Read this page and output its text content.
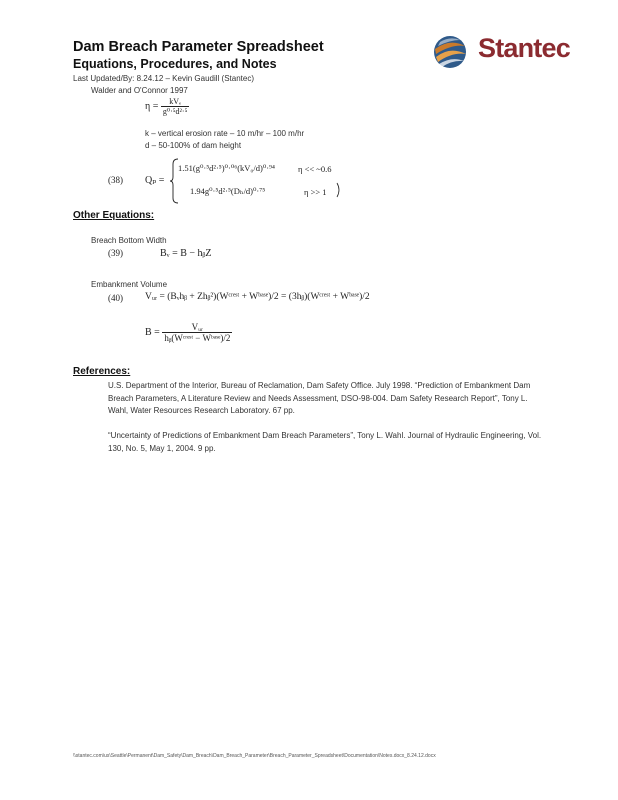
Dam Breach Parameter Spreadsheet
Equations, Procedures, and Notes
Last Updated/By: 8.24.12 – Kevin Gaudill (Stantec)
Stantec
Walder and O'Connor 1997
$\eta = \frac{\text{kVₑ}}{\text{g⁰·⁵d²·⁵}}$
k – vertical erosion rate – 10 m/hr – 100 m/hr
d – 50-100% of dam height
(38) Qₚ =
1.51(g⁰·⁵d²·⁵)⁰·⁰⁶(kV₀/d)⁰·⁹⁴	η << ~0.6
1.94g⁰·⁵d²·⁵(Dₕ/d)⁰·⁷⁵	η >> 1
Other Equations:
Breach Bottom Width
(39)	Bᵥ = B − hᵦZ
Embankment Volume
(40) Vᵤᵣ = (Bᵥhᵦ + Zhᵦ²)(Wᶜʳᵉˢᵗ + Wᵇᵃˢᵉ)/2 = (3hᵦ)(Wᶜʳᵉˢᵗ + Wᵇᵃˢᵉ)/2
$B = \frac{\text{Vᵤᵣ}}{\text{hᵦ(Wᶜʳᵉˢᵗ − Wᵇᵃˢᵉ)/2}}$
References:
U.S. Department of the Interior, Bureau of Reclamation, Dam Safety Office. July 1998. “Prediction of Embankment Dam Breach Parameters, A Literature Review and Needs Assessment, DSO-98-004. Dam Safety Research Report”, Tony L. Wahl, Water Resources Research Laboratory. 67 pp.
“Uncertainty of Predictions of Embankment Dam Breach Parameters”, Tony L. Wahl. Journal of Hydraulic Engineering, Vol. 130, No. 5, May 1, 2004. 9 pp.
\\stantec.com\us\Seattle\Permanent\Dam_Safety\Dam_Breach\Dam_Breach_Parameter\Breach_Parameter_Spreadsheet\Documentation\Notes.docx_8.24.12.docx
